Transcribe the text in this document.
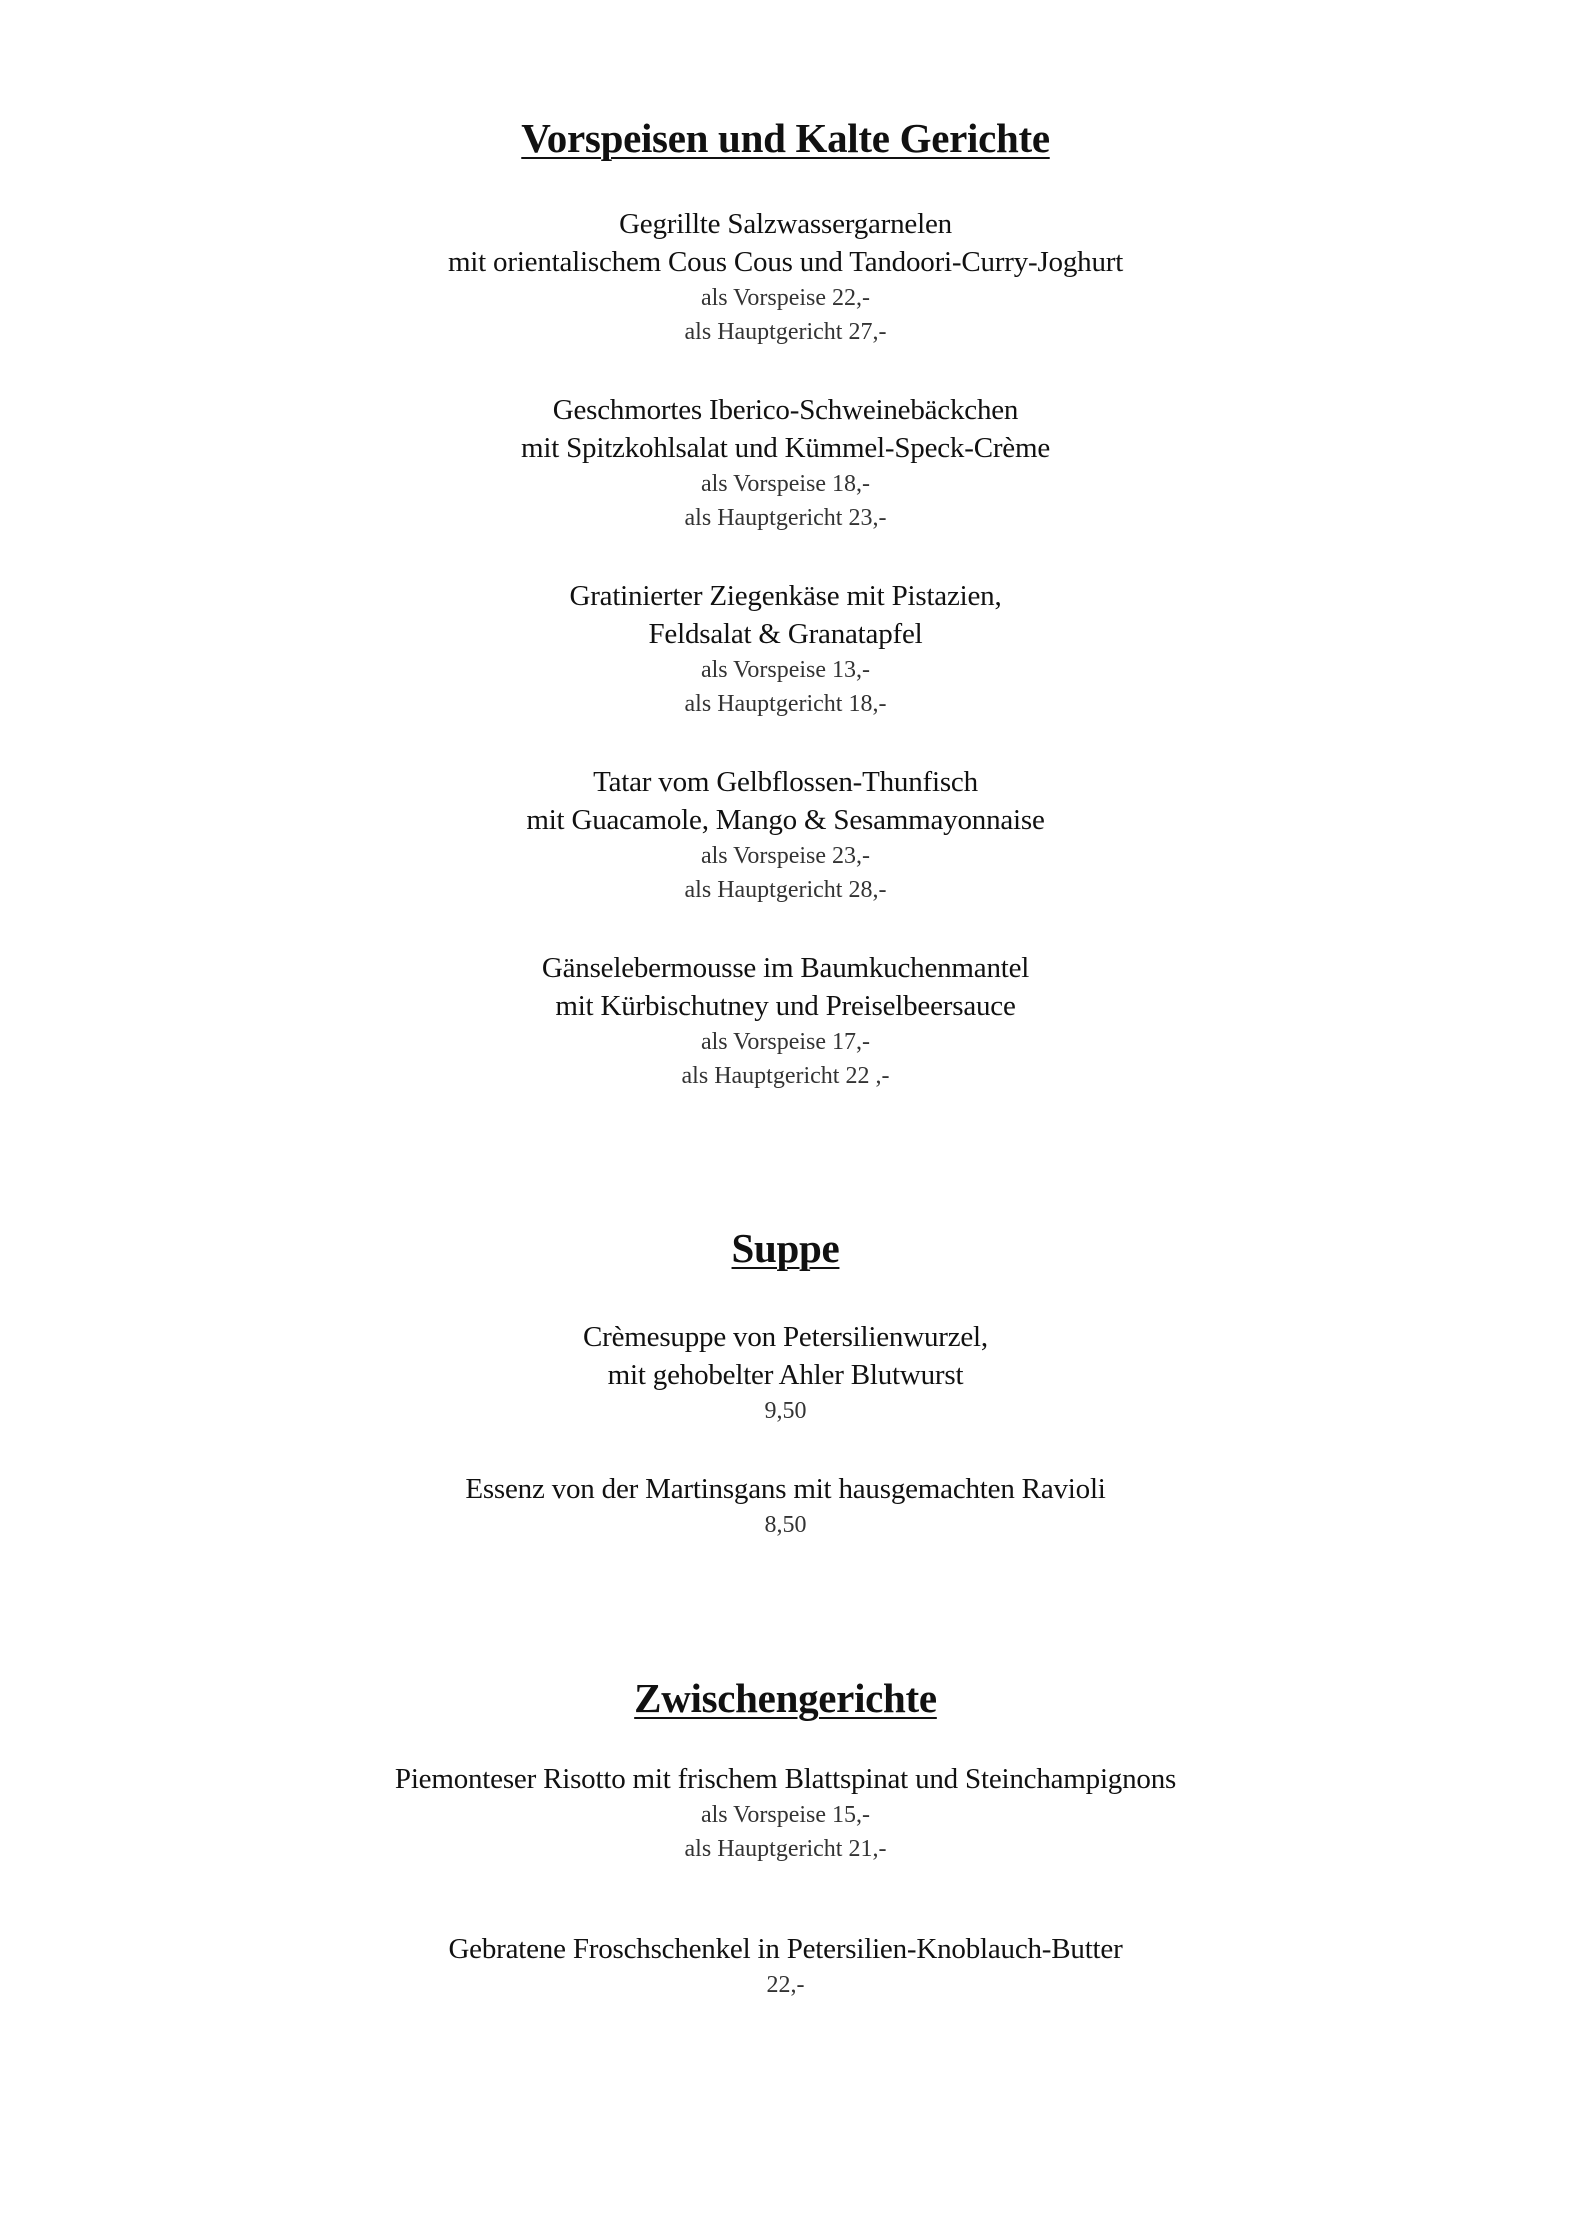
Vorspeisen und Kalte Gerichte
Gegrillte Salzwassergarnelen
mit orientalischem Cous Cous und Tandoori-Curry-Joghurt
als Vorspeise 22,-
als Hauptgericht 27,-
Geschmortes Iberico-Schweinebäckchen
mit Spitzkohlsalat und Kümmel-Speck-Crème
als Vorspeise 18,-
als Hauptgericht 23,-
Gratinierter Ziegenkäse mit Pistazien,
Feldsalat & Granatapfel
als Vorspeise 13,-
als Hauptgericht 18,-
Tatar vom Gelbflossen-Thunfisch
mit Guacamole, Mango & Sesammayonnaise
als Vorspeise 23,-
als Hauptgericht 28,-
Gänselebermousse im Baumkuchenmantel
mit Kürbischutney und Preiselbeersauce
als Vorspeise 17,-
als Hauptgericht 22 ,-
Suppe
Crèmesuppe von Petersilienwurzel,
mit gehobelter Ahler Blutwurst
9,50
Essenz von der Martinsgans mit hausgemachten Ravioli
8,50
Zwischengerichte
Piemonteser Risotto mit frischem Blattspinat und Steinchampignons
als Vorspeise 15,-
als Hauptgericht 21,-
Gebratene Froschschenkel in Petersilien-Knoblauch-Butter
22,-
